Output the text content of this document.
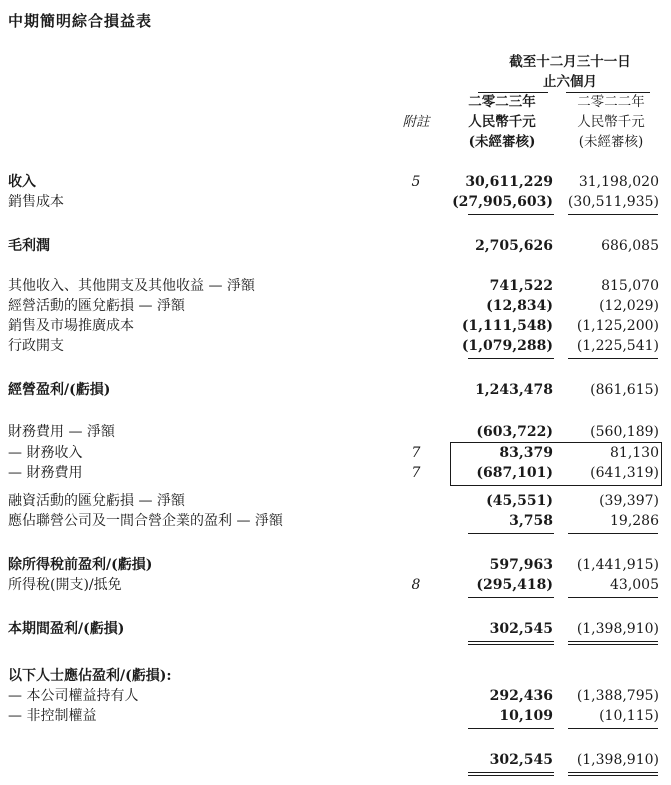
中期簡明綜合損益表
截至十二月三十一日
止六個月
二零二三年	二零二二年
附註	人民幣千元	人民幣千元
(未經審核)	(未經審核)
收入	5	30,611,229 31,198,020
銷售成本	(27,905,603) (30,511,935)
毛利潤	2,705,626	686,085
其他收入、其他開支及其他收益 — 淨額	741,522	815,070
經營活動的匯兌虧損 — 淨額	(12,834)	(12,029)
銷售及市場推廣成本	(1,111,548) (1,125,200)
行政開支	(1,079,288) (1,225,541)
經營盈利/(虧損)	1,243,478	(861,615)
財務費用 — 淨額	(603,722)	(560,189)
— 財務收入	7	83,379	81,130
— 財務費用	7	(687,101)	(641,319)
融資活動的匯兌虧損 — 淨額	(45,551)	(39,397)
應佔聯營公司及一間合營企業的盈利 — 淨額	3,758	19,286
除所得稅前盈利/(虧損)	597,963 (1,441,915)
所得稅(開支)/抵免	8	(295,418)	43,005
本期間盈利/(虧損)	302,545 (1,398,910)
以下人士應佔盈利/(虧損):
— 本公司權益持有人	292,436 (1,388,795)
— 非控制權益	10,109	(10,115)
302,545 (1,398,910)
